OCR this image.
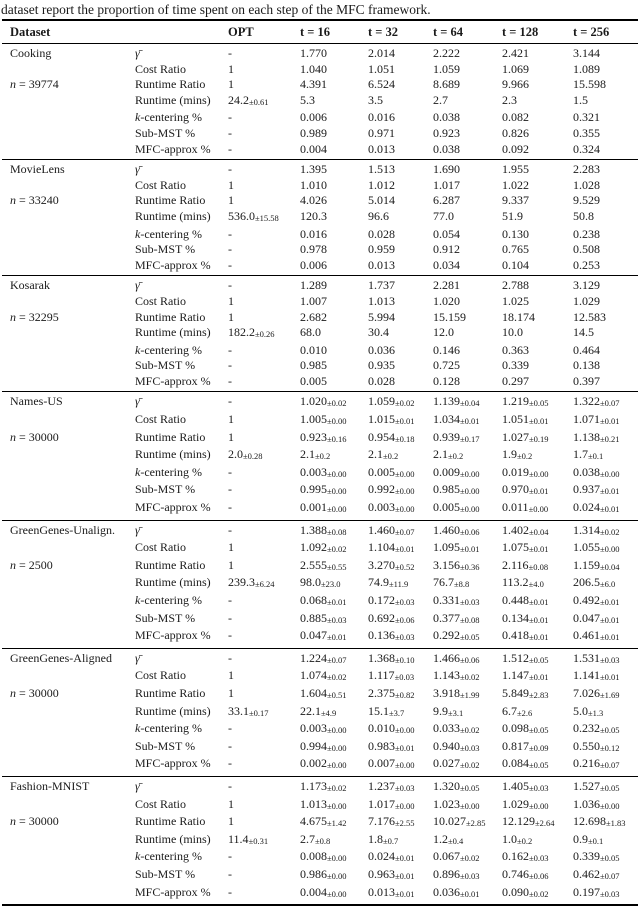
dataset report the proportion of time spent on each step of the MFC framework.
Dataset		OPT	t = 16	t = 32	t = 64	t = 128	t = 256
Cooking	γ̄	-	1.770	2.014	2.222	2.421	3.144
	Cost Ratio	1	1.040	1.051	1.059	1.069	1.089
n = 39774	Runtime Ratio	1	4.391	6.524	8.689	9.966	15.598
	Runtime (mins)	24.2±0.61	5.3	3.5	2.7	2.3	1.5
	k-centering %	-	0.006	0.016	0.038	0.082	0.321
	Sub-MST %	-	0.989	0.971	0.923	0.826	0.355
	MFC-approx %	-	0.004	0.013	0.038	0.092	0.324
MovieLens	γ̄	-	1.395	1.513	1.690	1.955	2.283
	Cost Ratio	1	1.010	1.012	1.017	1.022	1.028
n = 33240	Runtime Ratio	1	4.026	5.014	6.287	9.337	9.529
	Runtime (mins)	536.0±15.58	120.3	96.6	77.0	51.9	50.8
	k-centering %	-	0.016	0.028	0.054	0.130	0.238
	Sub-MST %	-	0.978	0.959	0.912	0.765	0.508
	MFC-approx %	-	0.006	0.013	0.034	0.104	0.253
Kosarak	γ̄	-	1.289	1.737	2.281	2.788	3.129
	Cost Ratio	1	1.007	1.013	1.020	1.025	1.029
n = 32295	Runtime Ratio	1	2.682	5.994	15.159	18.174	12.583
	Runtime (mins)	182.2±0.26	68.0	30.4	12.0	10.0	14.5
	k-centering %	-	0.010	0.036	0.146	0.363	0.464
	Sub-MST %	-	0.985	0.935	0.725	0.339	0.138
	MFC-approx %	-	0.005	0.028	0.128	0.297	0.397
Names-US	γ̄	-	1.020±0.02	1.059±0.02	1.139±0.04	1.219±0.05	1.322±0.07
	Cost Ratio	1	1.005±0.00	1.015±0.01	1.034±0.01	1.051±0.01	1.071±0.01
n = 30000	Runtime Ratio	1	0.923±0.16	0.954±0.18	0.939±0.17	1.027±0.19	1.138±0.21
	Runtime (mins)	2.0±0.28	2.1±0.2	2.1±0.2	2.1±0.2	1.9±0.2	1.7±0.1
	k-centering %	-	0.003±0.00	0.005±0.00	0.009±0.00	0.019±0.00	0.038±0.00
	Sub-MST %	-	0.995±0.00	0.992±0.00	0.985±0.00	0.970±0.01	0.937±0.01
	MFC-approx %	-	0.001±0.00	0.003±0.00	0.005±0.00	0.011±0.00	0.024±0.01
GreenGenes-Unalign.	γ̄	-	1.388±0.08	1.460±0.07	1.460±0.06	1.402±0.04	1.314±0.02
	Cost Ratio	1	1.092±0.02	1.104±0.01	1.095±0.01	1.075±0.01	1.055±0.00
n = 2500	Runtime Ratio	1	2.555±0.55	3.270±0.52	3.156±0.36	2.116±0.08	1.159±0.04
	Runtime (mins)	239.3±6.24	98.0±23.0	74.9±11.9	76.7±8.8	113.2±4.0	206.5±6.0
	k-centering %	-	0.068±0.01	0.172±0.03	0.331±0.03	0.448±0.01	0.492±0.01
	Sub-MST %	-	0.885±0.03	0.692±0.06	0.377±0.08	0.134±0.01	0.047±0.01
	MFC-approx %	-	0.047±0.01	0.136±0.03	0.292±0.05	0.418±0.01	0.461±0.01
GreenGenes-Aligned	γ̄	-	1.224±0.07	1.368±0.10	1.466±0.06	1.512±0.05	1.531±0.03
	Cost Ratio	1	1.074±0.02	1.117±0.03	1.143±0.02	1.147±0.01	1.141±0.01
n = 30000	Runtime Ratio	1	1.604±0.51	2.375±0.82	3.918±1.99	5.849±2.83	7.026±1.69
	Runtime (mins)	33.1±0.17	22.1±4.9	15.1±3.7	9.9±3.1	6.7±2.6	5.0±1.3
	k-centering %	-	0.003±0.00	0.010±0.00	0.033±0.02	0.098±0.05	0.232±0.05
	Sub-MST %	-	0.994±0.00	0.983±0.01	0.940±0.03	0.817±0.09	0.550±0.12
	MFC-approx %	-	0.002±0.00	0.007±0.00	0.027±0.02	0.084±0.05	0.216±0.07
Fashion-MNIST	γ̄	-	1.173±0.02	1.237±0.03	1.320±0.05	1.405±0.03	1.527±0.05
	Cost Ratio	1	1.013±0.00	1.017±0.00	1.023±0.00	1.029±0.00	1.036±0.00
n = 30000	Runtime Ratio	1	4.675±1.42	7.176±2.55	10.027±2.85	12.129±2.64	12.698±1.83
	Runtime (mins)	11.4±0.31	2.7±0.8	1.8±0.7	1.2±0.4	1.0±0.2	0.9±0.1
	k-centering %	-	0.008±0.00	0.024±0.01	0.067±0.02	0.162±0.03	0.339±0.05
	Sub-MST %	-	0.986±0.00	0.963±0.01	0.896±0.03	0.746±0.06	0.462±0.07
	MFC-approx %	-	0.004±0.00	0.013±0.01	0.036±0.01	0.090±0.02	0.197±0.03
